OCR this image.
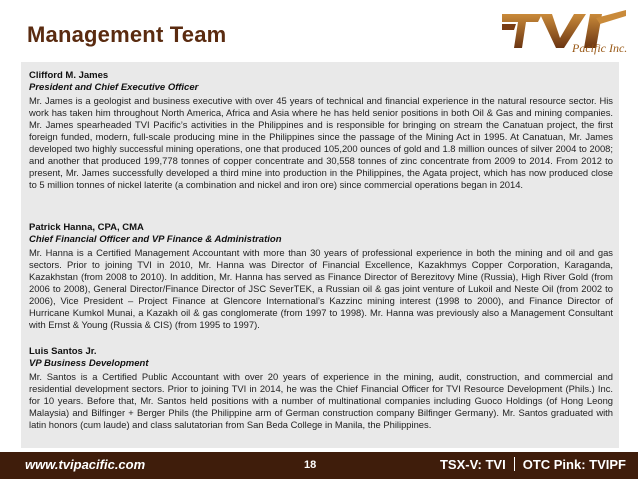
Management Team
Pacific Inc.
Clifford M. James
President and Chief Executive Officer
Mr. James is a geologist and business executive with over 45 years of technical and financial experience in the natural resource sector. His work has taken him throughout North America, Africa and Asia where he has held senior positions in both Oil & Gas and mining companies. Mr. James spearheaded TVI Pacific’s activities in the Philippines and is responsible for bringing on stream the Canatuan project, the first foreign funded, modern, full-scale producing mine in the Philippines since the passage of the Mining Act in 1995. At Canatuan, Mr. James developed two highly successful mining operations, one that produced 105,200 ounces of gold and 1.8 million ounces of silver 2004 to 2008; and another that produced 199,778 tonnes of copper concentrate and 30,558 tonnes of zinc concentrate from 2009 to 2014. From 2012 to present, Mr. James successfully developed a third mine into production in the Philippines, the Agata project, which has now produced close to 5 million tonnes of nickel laterite (a combination and nickel and iron ore) since commercial operations began in 2014.
Patrick Hanna, CPA, CMA
Chief Financial Officer and VP Finance & Administration
Mr. Hanna is a Certified Management Accountant with more than 30 years of professional experience in both the mining and oil and gas sectors. Prior to joining TVI in 2010, Mr. Hanna was Director of Financial Excellence, Kazakhmys Copper Corporation, Karaganda, Kazakhstan (from 2008 to 2010). In addition, Mr. Hanna has served as Finance Director of Berezitovy Mine (Russia), High River Gold (from 2006 to 2008), General Director/Finance Director of JSC SeverTEK, a Russian oil & gas joint venture of Lukoil and Neste Oil (from 2002 to 2006), Vice President – Project Finance at Glencore International’s Kazzinc mining interest (1998 to 2000), and Finance Director of Hurricane Kumkol Munai, a Kazakh oil & gas conglomerate (from 1997 to 1998). Mr. Hanna was previously also a Management Consultant with Ernst & Young (Russia & CIS) (from 1995 to 1997).
Luis Santos Jr.
VP Business Development
Mr. Santos is a Certified Public Accountant with over 20 years of experience in the mining, audit, construction, and commercial and residential development sectors. Prior to joining TVI in 2014, he was the Chief Financial Officer for TVI Resource Development (Phils.) Inc. for 10 years. Before that, Mr. Santos held positions with a number of multinational companies including Guoco Holdings (of Hong Leong Malaysia) and Bilfinger + Berger Phils (the Philippine arm of German construction company Bilfinger Germany). Mr. Santos graduated with latin honors (cum laude) and class salutatorian from San Beda College in Manila, the Philippines.
www.tvipacific.com	18	TSX-V: TVI OTC Pink: TVIPF
